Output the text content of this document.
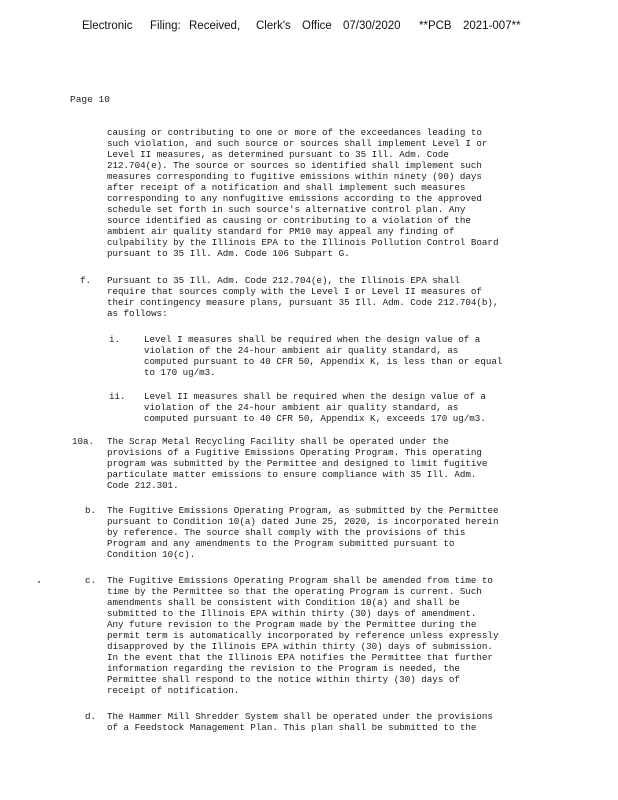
Electronic Filing: Received, Clerk's Office 07/30/2020 **PCB 2021-007**
Page 10
causing or contributing to one or more of the exceedances leading to
such violation, and such source or sources shall implement Level I or
Level II measures, as determined pursuant to 35 Ill. Adm. Code
212.704(e). The source or sources so identified shall implement such
measures corresponding to fugitive emissions within ninety (90) days
after receipt of a notification and shall implement such measures
corresponding to any nonfugitive emissions according to the approved
schedule set forth in such source's alternative control plan. Any
source identified as causing or contributing to a violation of the
ambient air quality standard for PM10 may appeal any finding of
culpability by the Illinois EPA to the Illinois Pollution Control Board
pursuant to 35 Ill. Adm. Code 106 Subpart G.
f. Pursuant to 35 Ill. Adm. Code 212.704(e), the Illinois EPA shall
require that sources comply with the Level I or Level II measures of
their contingency measure plans, pursuant 35 Ill. Adm. Code 212.704(b),
as follows:
i.	Level I measures shall be required when the design value of a
violation of the 24-hour ambient air quality standard, as
computed pursuant to 40 CFR 50, Appendix K, is less than or equal
to 170 ug/m3.
ii. Level II measures shall be required when the design value of a
violation of the 24-hour ambient air quality standard, as
computed pursuant to 40 CFR 50, Appendix K, exceeds 170 ug/m3.
10a. The Scrap Metal Recycling Facility shall be operated under the
provisions of a Fugitive Emissions Operating Program. This operating
program was submitted by the Permittee and designed to limit fugitive
particulate matter emissions to ensure compliance with 35 Ill. Adm.
Code 212.301.
b. The Fugitive Emissions Operating Program, as submitted by the Permittee
pursuant to Condition 10(a) dated June 25, 2020, is incorporated herein
by reference. The source shall comply with the provisions of this
Program and any amendments to the Program submitted pursuant to
Condition 10(c).
c. The Fugitive Emissions Operating Program shall be amended from time to
time by the Permittee so that the operating Program is current. Such
amendments shall be consistent with Condition 10(a) and shall be
submitted to the Illinois EPA within thirty (30) days of amendment.
Any future revision to the Program made by the Permittee during the
permit term is automatically incorporated by reference unless expressly
disapproved by the Illinois EPA within thirty (30) days of submission.
In the event that the Illinois EPA notifies the Permittee that further
information regarding the revision to the Program is needed, the
Permittee shall respond to the notice within thirty (30) days of
receipt of notification.
d. The Hammer Mill Shredder System shall be operated under the provisions
of a Feedstock Management Plan. This plan shall be submitted to the
